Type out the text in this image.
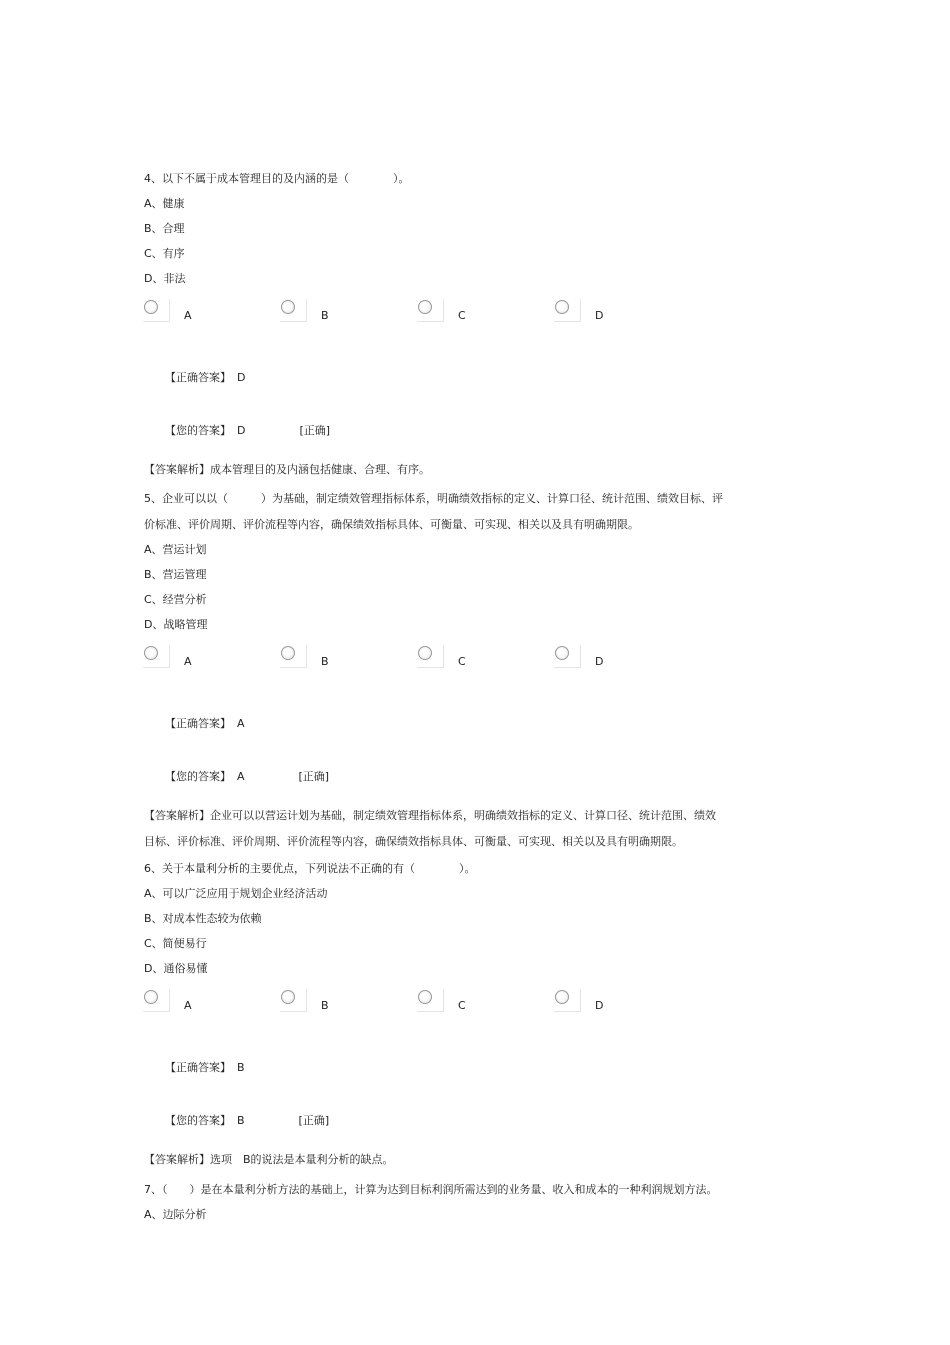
4、以下不属于成本管理目的及内涵的是（　　　　）。
A、健康
B、合理
C、有序
D、非法
A	B	C	D

【正确答案】 D

【您的答案】 D	[正确]

【答案解析】成本管理目的及内涵包括健康、合理、有序。
5、企业可以以（　　　）为基础，制定绩效管理指标体系，明确绩效指标的定义、计算口径、统计范围、绩效目标、评
价标准、评价周期、评价流程等内容，确保绩效指标具体、可衡量、可实现、相关以及具有明确期限。
A、营运计划
B、营运管理
C、经营分析
D、战略管理
A	B	C	D

【正确答案】 A

【您的答案】 A	[正确]

【答案解析】企业可以以营运计划为基础，制定绩效管理指标体系，明确绩效指标的定义、计算口径、统计范围、绩效
目标、评价标准、评价周期、评价流程等内容，确保绩效指标具体、可衡量、可实现、相关以及具有明确期限。
6、关于本量利分析的主要优点，下列说法不正确的有（　　　　）。
A、可以广泛应用于规划企业经济活动
B、对成本性态较为依赖
C、简便易行
D、通俗易懂
A	B	C	D

【正确答案】 B

【您的答案】 B	[正确]

【答案解析】选项　B的说法是本量利分析的缺点。
7、（　　）是在本量利分析方法的基础上，计算为达到目标利润所需达到的业务量、收入和成本的一种利润规划方法。
A、边际分析
